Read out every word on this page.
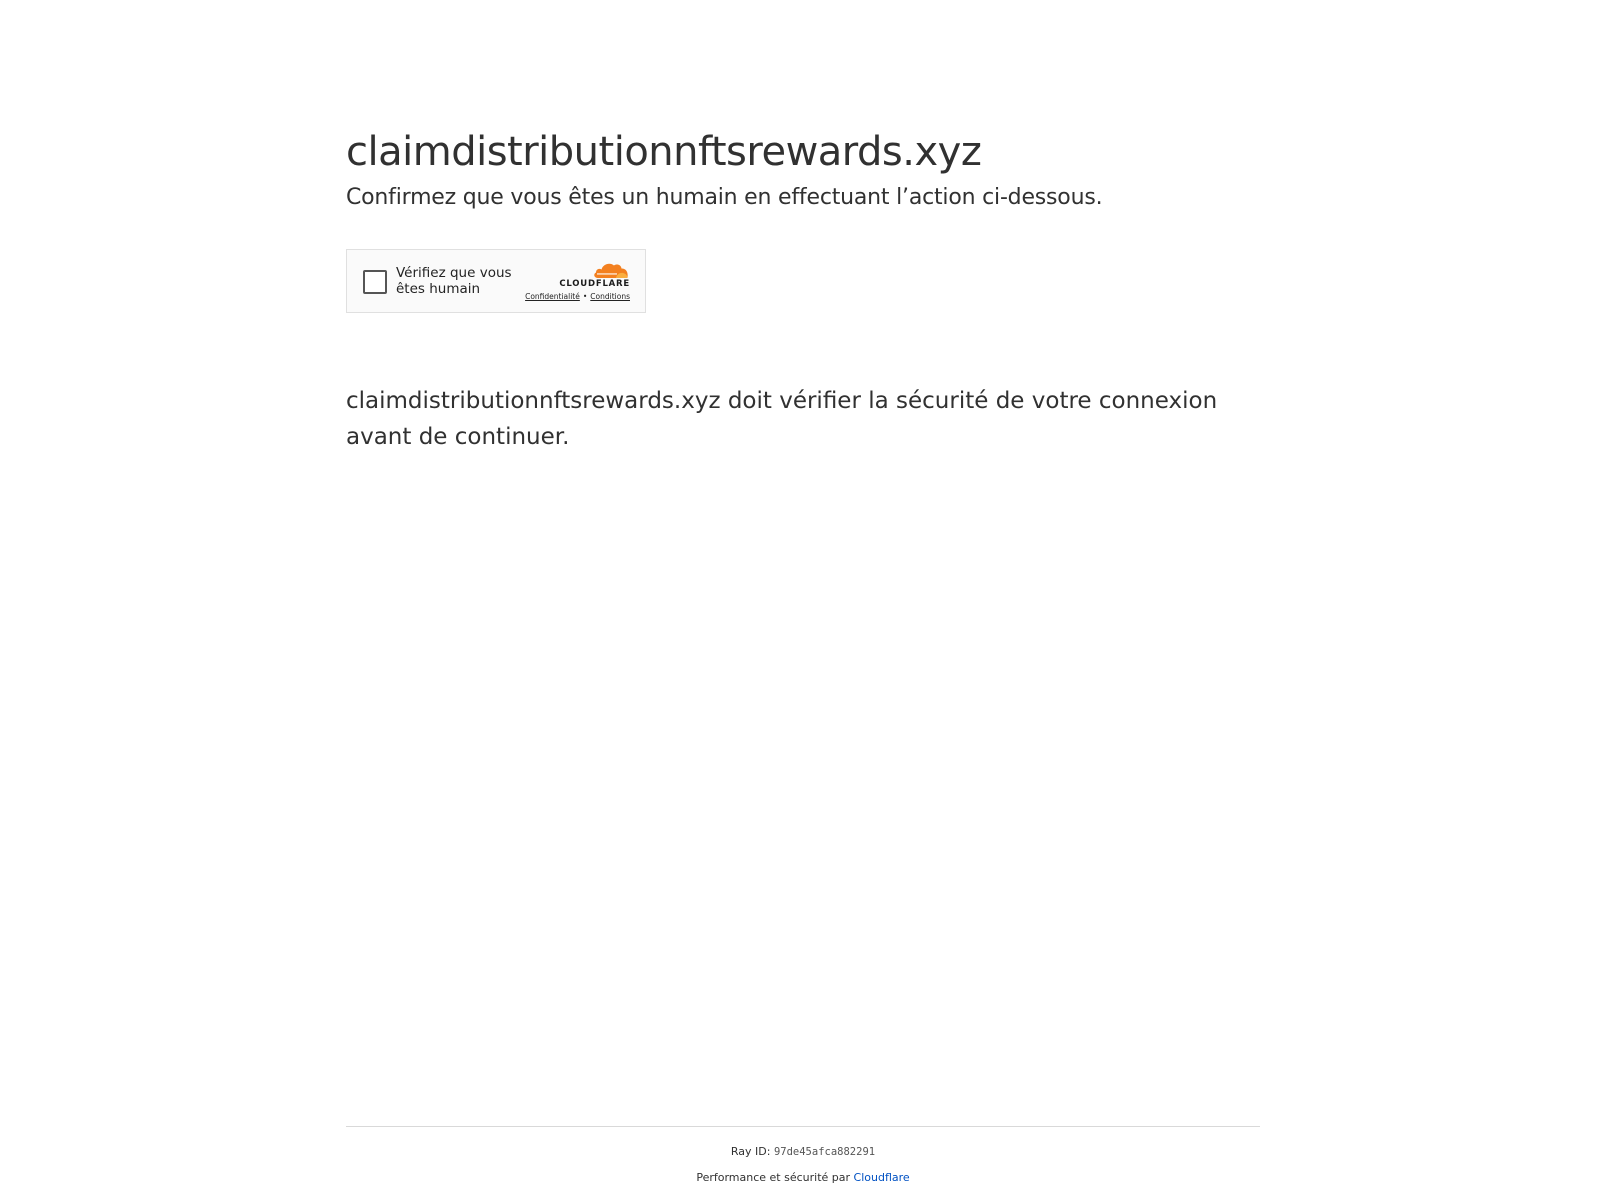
claimdistributionnftsrewards.xyz

Confirmez que vous êtes un humain en effectuant l’action ci-dessous.

Vérifiez que vous êtes humain	CLOUDFLARE
Confidentialité • Conditions
claimdistributionnftsrewards.xyz doit vérifier la sécurité de votre connexion avant de continuer.
Ray ID: 97de45afca882291
Performance et sécurité par Cloudflare
